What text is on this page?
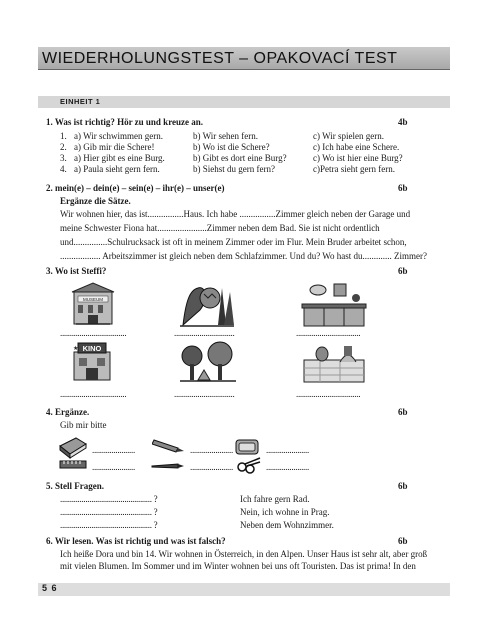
WIEDERHOLUNGSTEST – OPAKOVACÍ TEST
EINHEIT 1
1. Was ist richtig? Hör zu und kreuze an.	4b
1. a) Wir schwimmen gern.	b) Wir sehen fern.	c) Wir spielen gern.
2. a) Gib mir die Schere!	b) Wo ist die Schere?	c) Ich habe eine Schere.
3. a) Hier gibt es eine Burg.	b) Gibt es dort eine Burg?	c) Wo ist hier eine Burg?
4. a) Paula sieht gern fern.	b) Siehst du gern fern?	c)Petra sieht gern fern.
2. mein(e) – dein(e) – sein(e) – ihr(e) – unser(e)	6b
Ergänze die Sätze.
Wir wohnen hier, das ist................Haus. Ich habe ................Zimmer gleich neben der Garage und
meine Schwester Fiona hat......................Zimmer neben dem Bad. Sie ist nicht ordentlich
und...............Schulrucksack ist oft in meinem Zimmer oder im Flur. Mein Bruder arbeitet schon,
.................. Arbeitszimmer ist gleich neben dem Schlafzimmer. Und du? Wo hast du............. Zimmer?
3. Wo ist Steffi?	6b
MUSEUM
..................................	...............................	.................................
KINO
★
..................................	...............................	.................................
4. Ergänze.	6b
Gib mir bitte
......................	......................	......................
......................	......................	......................
5. Stell Fragen.	6b
............................................... ?	Ich fahre gern Rad.
............................................... ?	Nein, ich wohne in Prag.
............................................... ?	Neben dem Wohnzimmer.
6. Wir lesen. Was ist richtig und was ist falsch?	6b
Ich heiße Dora und bin 14. Wir wohnen in Österreich, in den Alpen. Unser Haus ist sehr alt, aber groß
mit vielen Blumen. Im Sommer und im Winter wohnen bei uns oft Touristen. Das ist prima! In den
5 6
